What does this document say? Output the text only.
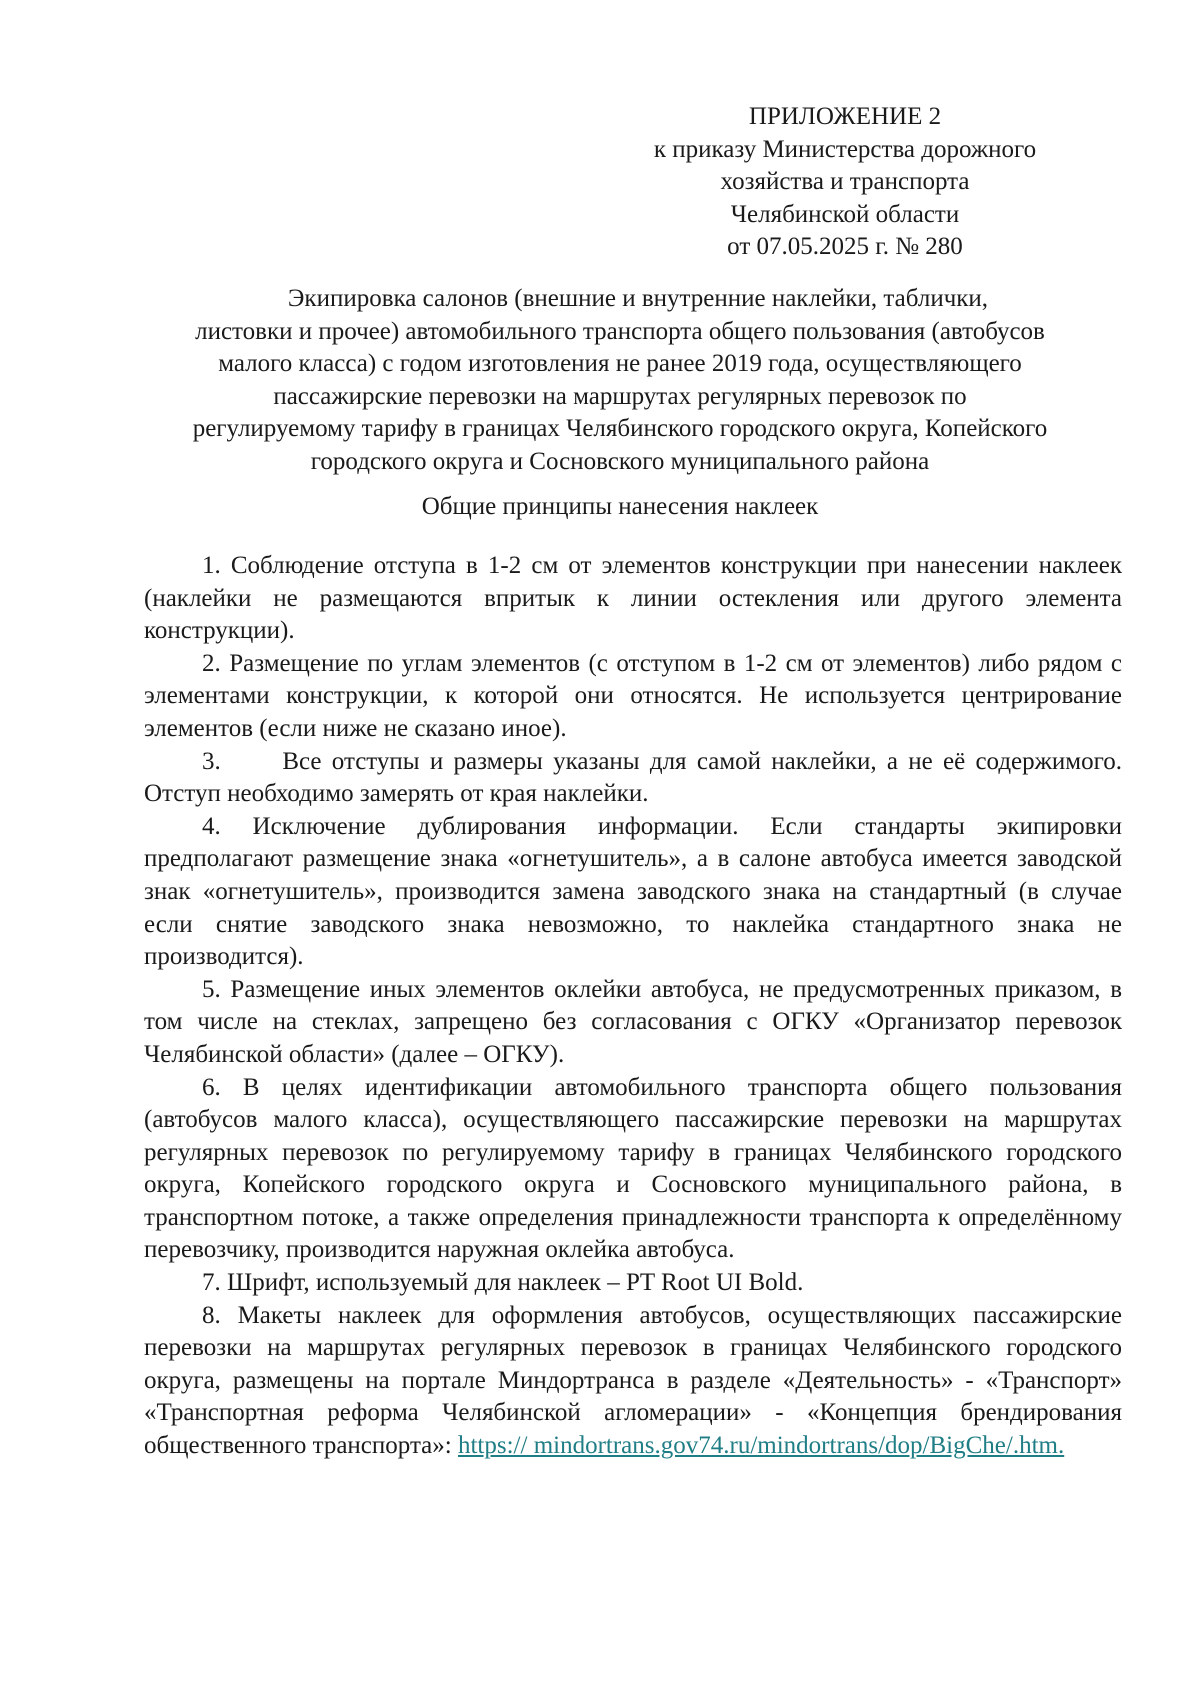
ПРИЛОЖЕНИЕ 2
к приказу Министерства дорожного
хозяйства и транспорта
Челябинской области
от 07.05.2025 г. № 280
Экипировка салонов (внешние и внутренние наклейки, таблички,
листовки и прочее) автомобильного транспорта общего пользования (автобусов
малого класса) с годом изготовления не ранее 2019 года, осуществляющего
пассажирские перевозки на маршрутах регулярных перевозок по
регулируемому тарифу в границах Челябинского городского округа, Копейского
городского округа и Сосновского муниципального района
Общие принципы нанесения наклеек

1. Соблюдение отступа в 1-2 см от элементов конструкции при нанесении наклеек (наклейки не размещаются впритык к линии остекления или другого элемента конструкции).

2. Размещение по углам элементов (с отступом в 1-2 см от элементов) либо рядом с элементами конструкции, к которой они относятся. Не используется центрирование элементов (если ниже не сказано иное).

3. Все отступы и размеры указаны для самой наклейки, а не её содержимого. Отступ необходимо замерять от края наклейки.

4. Исключение дублирования информации. Если стандарты экипировки предполагают размещение знака «огнетушитель», а в салоне автобуса имеется заводской знак «огнетушитель», производится замена заводского знака на стандартный (в случае если снятие заводского знака невозможно, то наклейка стандартного знака не производится).

5. Размещение иных элементов оклейки автобуса, не предусмотренных приказом, в том числе на стеклах, запрещено без согласования с ОГКУ «Организатор перевозок Челябинской области» (далее – ОГКУ).

6. В целях идентификации автомобильного транспорта общего пользования (автобусов малого класса), осуществляющего пассажирские перевозки на маршрутах регулярных перевозок по регулируемому тарифу в границах Челябинского городского округа, Копейского городского округа и Сосновского муниципального района, в транспортном потоке, а также определения принадлежности транспорта к определённому перевозчику, производится наружная оклейка автобуса.

7. Шрифт, используемый для наклеек – PT Root UI Bold.

8. Макеты наклеек для оформления автобусов, осуществляющих пассажирские перевозки на маршрутах регулярных перевозок в границах Челябинского городского округа, размещены на портале Миндортранса в разделе «Деятельность» - «Транспорт» «Транспортная реформа Челябинской агломерации» - «Концепция брендирования общественного транспорта»: https:// mindortrans.gov74.ru/mindortrans/dop/BigChe/.htm.
